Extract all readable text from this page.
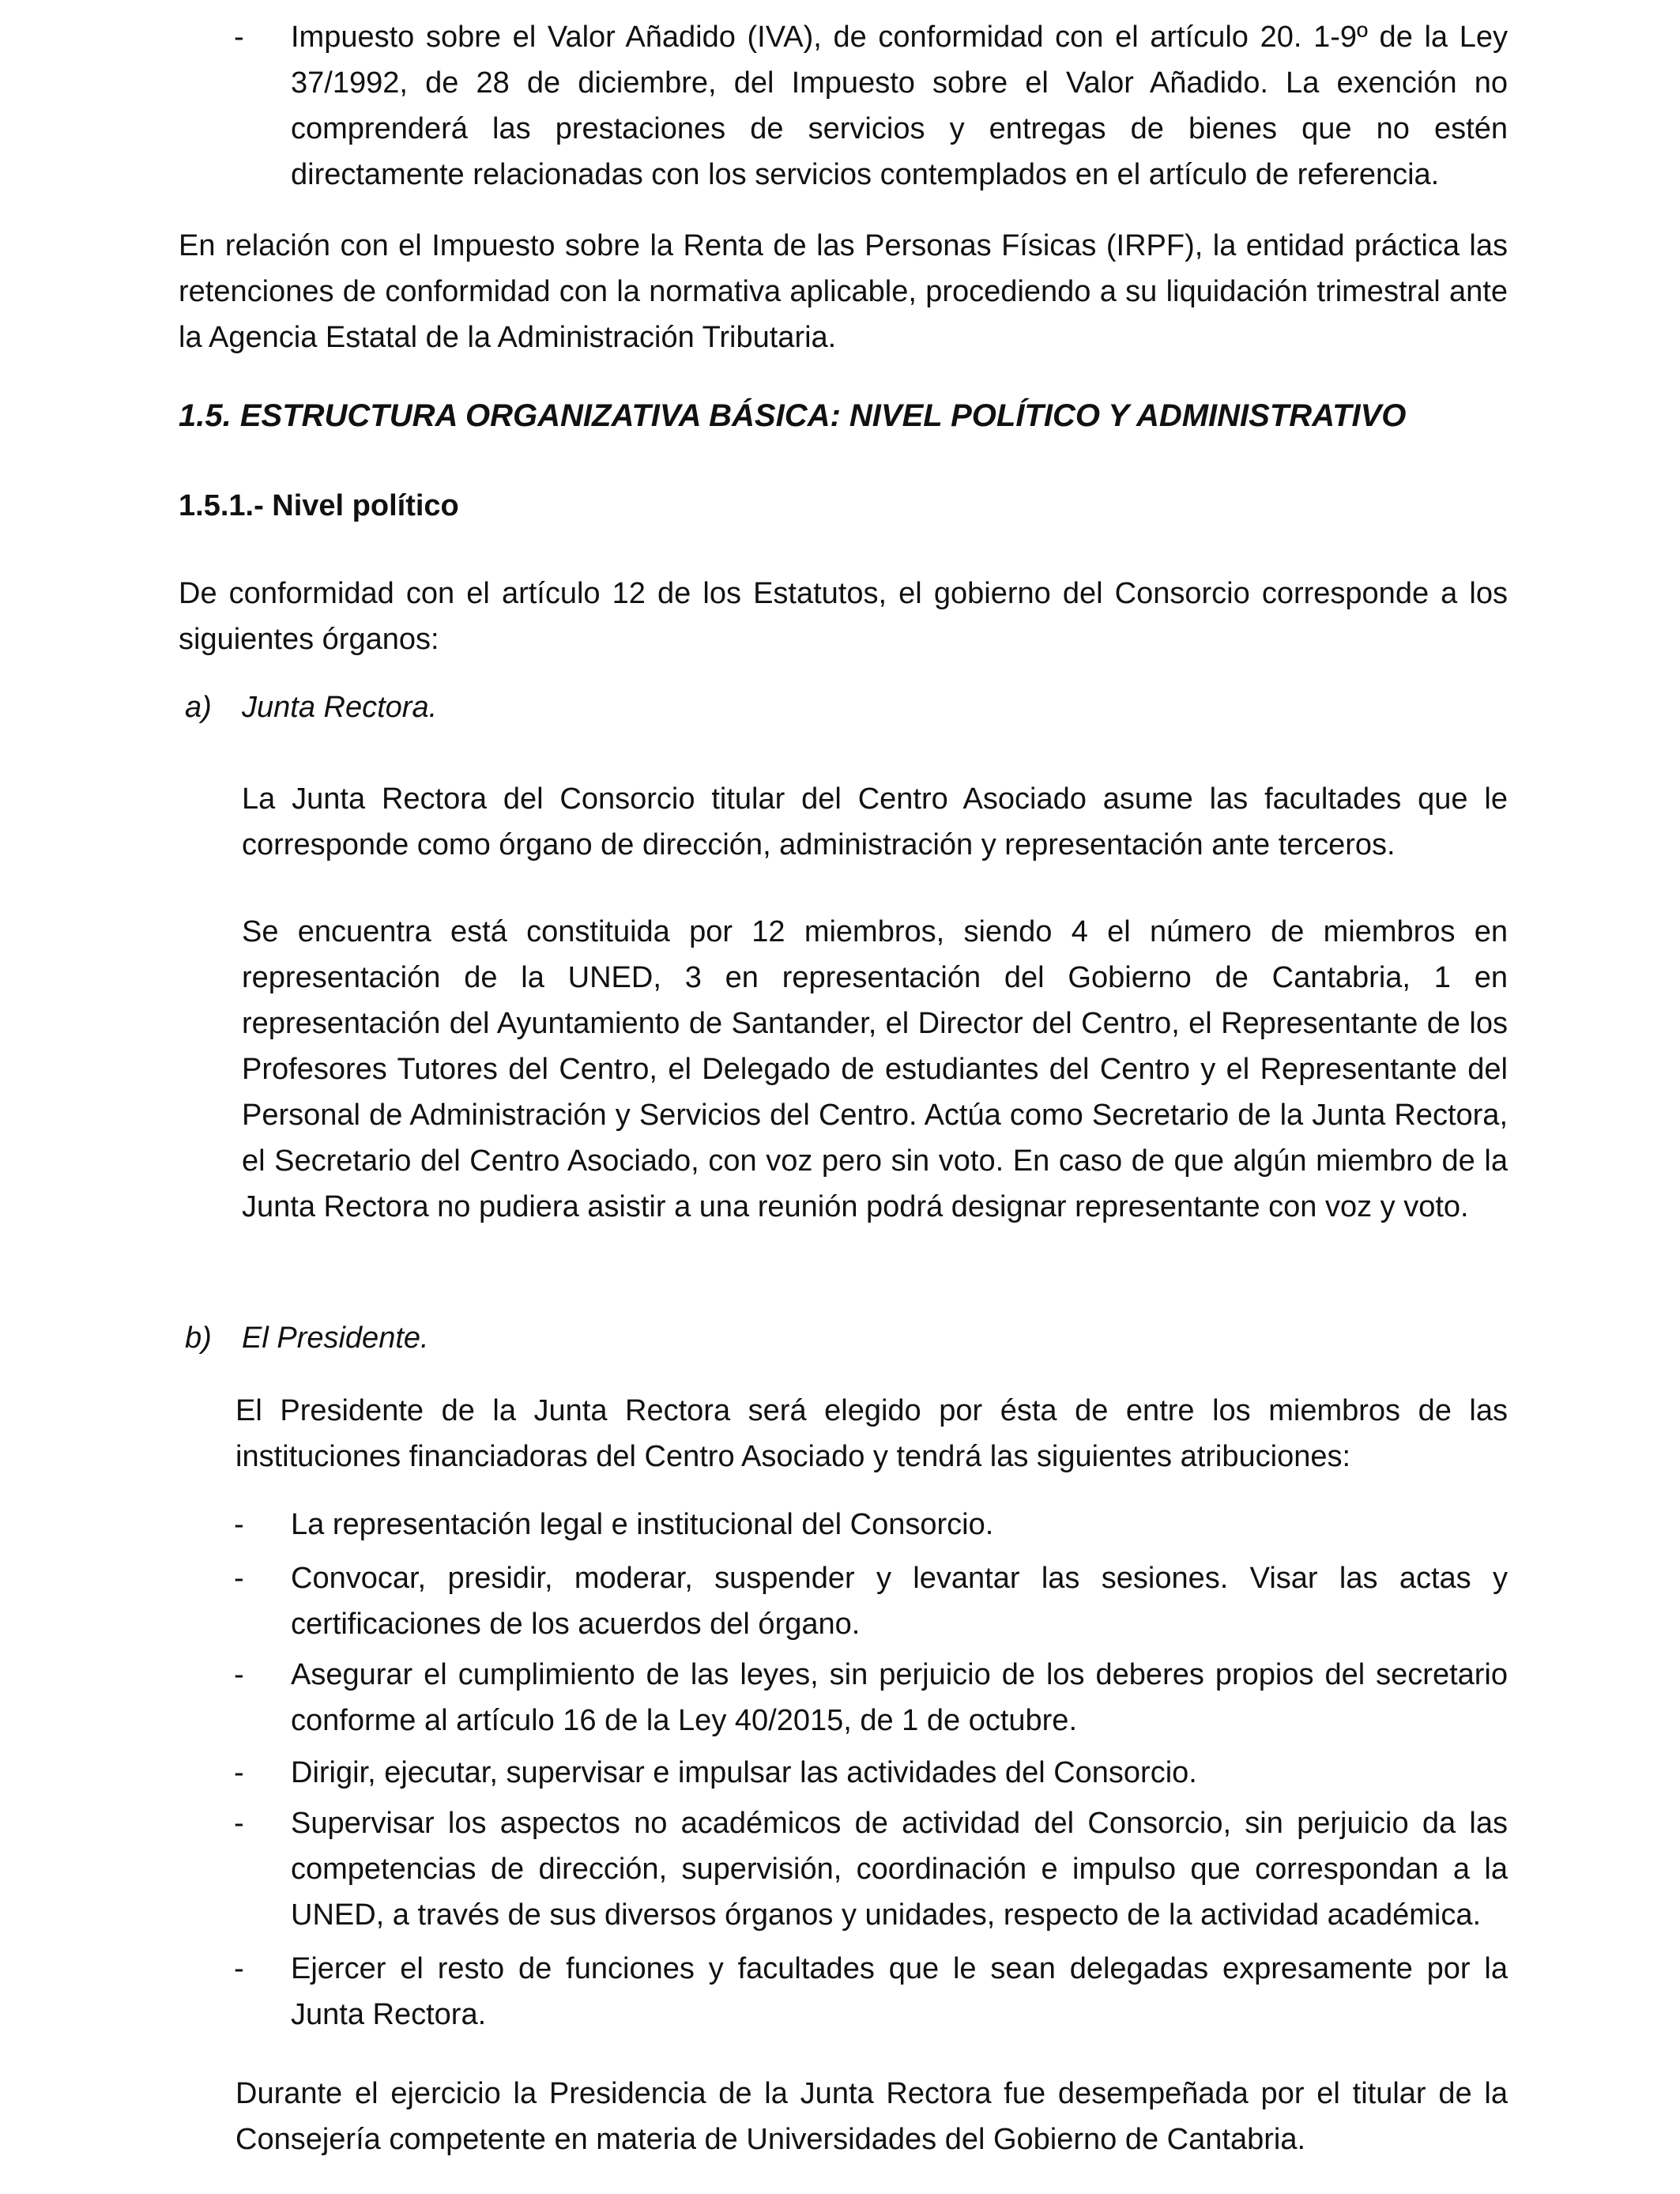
-	Impuesto sobre el Valor Añadido (IVA), de conformidad con el artículo 20. 1-9º de la Ley 37/1992, de 28 de diciembre, del Impuesto sobre el Valor Añadido. La exención no comprenderá las prestaciones de servicios y entregas de bienes que no estén directamente relacionadas con los servicios contemplados en el artículo de referencia.

En relación con el Impuesto sobre la Renta de las Personas Físicas (IRPF), la entidad práctica las retenciones de conformidad con la normativa aplicable, procediendo a su liquidación trimestral ante la Agencia Estatal de la Administración Tributaria.

1.5. ESTRUCTURA ORGANIZATIVA BÁSICA: NIVEL POLÍTICO Y ADMINISTRATIVO
1.5.1.- Nivel político

De conformidad con el artículo 12 de los Estatutos, el gobierno del Consorcio corresponde a los siguientes órganos:

a) Junta Rectora.

La Junta Rectora del Consorcio titular del Centro Asociado asume las facultades que le corresponde como órgano de dirección, administración y representación ante terceros.

Se encuentra está constituida por 12 miembros, siendo 4 el número de miembros en representación de la UNED, 3 en representación del Gobierno de Cantabria, 1 en representación del Ayuntamiento de Santander, el Director del Centro, el Representante de los Profesores Tutores del Centro, el Delegado de estudiantes del Centro y el Representante del Personal de Administración y Servicios del Centro. Actúa como Secretario de la Junta Rectora, el Secretario del Centro Asociado, con voz pero sin voto. En caso de que algún miembro de la Junta Rectora no pudiera asistir a una reunión podrá designar representante con voz y voto.

b) El Presidente.

El Presidente de la Junta Rectora será elegido por ésta de entre los miembros de las instituciones financiadoras del Centro Asociado y tendrá las siguientes atribuciones:

-	La representación legal e institucional del Consorcio.

-	Convocar, presidir, moderar, suspender y levantar las sesiones. Visar las actas y certificaciones de los acuerdos del órgano.

-	Asegurar el cumplimiento de las leyes, sin perjuicio de los deberes propios del secretario conforme al artículo 16 de la Ley 40/2015, de 1 de octubre.

-	Dirigir, ejecutar, supervisar e impulsar las actividades del Consorcio.

-	Supervisar los aspectos no académicos de actividad del Consorcio, sin perjuicio da las competencias de dirección, supervisión, coordinación e impulso que correspondan a la UNED, a través de sus diversos órganos y unidades, respecto de la actividad académica.

-	Ejercer el resto de funciones y facultades que le sean delegadas expresamente por la Junta Rectora.

Durante el ejercicio la Presidencia de la Junta Rectora fue desempeñada por el titular de la Consejería competente en materia de Universidades del Gobierno de Cantabria.
